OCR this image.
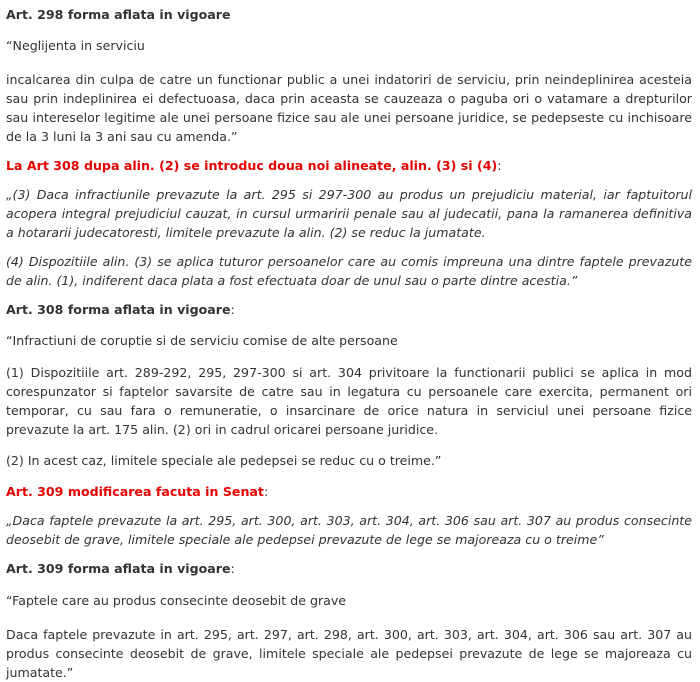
Art. 298 forma aflata in vigoare

“Neglijenta in serviciu

incalcarea din culpa de catre un functionar public a unei indatoriri de serviciu, prin neindeplinirea acesteia sau prin indeplinirea ei defectuoasa, daca prin aceasta se cauzeaza o paguba ori o vatamare a drepturilor sau intereselor legitime ale unei persoane fizice sau ale unei persoane juridice, se pedepseste cu inchisoare de la 3 luni la 3 ani sau cu amenda.”

La Art 308 dupa alin. (2) se introduc doua noi alineate, alin. (3) si (4):

„(3) Daca infractiunile prevazute la art. 295 si 297-300 au produs un prejudiciu material, iar faptuitorul acopera integral prejudiciul cauzat, in cursul urmaririi penale sau al judecatii, pana la ramanerea definitiva a hotararii judecatoresti, limitele prevazute la alin. (2) se reduc la jumatate.

(4) Dispozitiile alin. (3) se aplica tuturor persoanelor care au comis impreuna una dintre faptele prevazute de alin. (1), indiferent daca plata a fost efectuata doar de unul sau o parte dintre acestia.”

Art. 308 forma aflata in vigoare:

“Infractiuni de coruptie si de serviciu comise de alte persoane

(1) Dispozitiile art. 289-292, 295, 297-300 si art. 304 privitoare la functionarii publici se aplica in mod corespunzator si faptelor savarsite de catre sau in legatura cu persoanele care exercita, permanent ori temporar, cu sau fara o remuneratie, o insarcinare de orice natura in serviciul unei persoane fizice prevazute la art. 175 alin. (2) ori in cadrul oricarei persoane juridice.

(2) In acest caz, limitele speciale ale pedepsei se reduc cu o treime.”

Art. 309 modificarea facuta in Senat:

„Daca faptele prevazute la art. 295, art. 300, art. 303, art. 304, art. 306 sau art. 307 au produs consecinte deosebit de grave, limitele speciale ale pedepsei prevazute de lege se majoreaza cu o treime”

Art. 309 forma aflata in vigoare:

“Faptele care au produs consecinte deosebit de grave

Daca faptele prevazute in art. 295, art. 297, art. 298, art. 300, art. 303, art. 304, art. 306 sau art. 307 au produs consecinte deosebit de grave, limitele speciale ale pedepsei prevazute de lege se majoreaza cu jumatate.”
